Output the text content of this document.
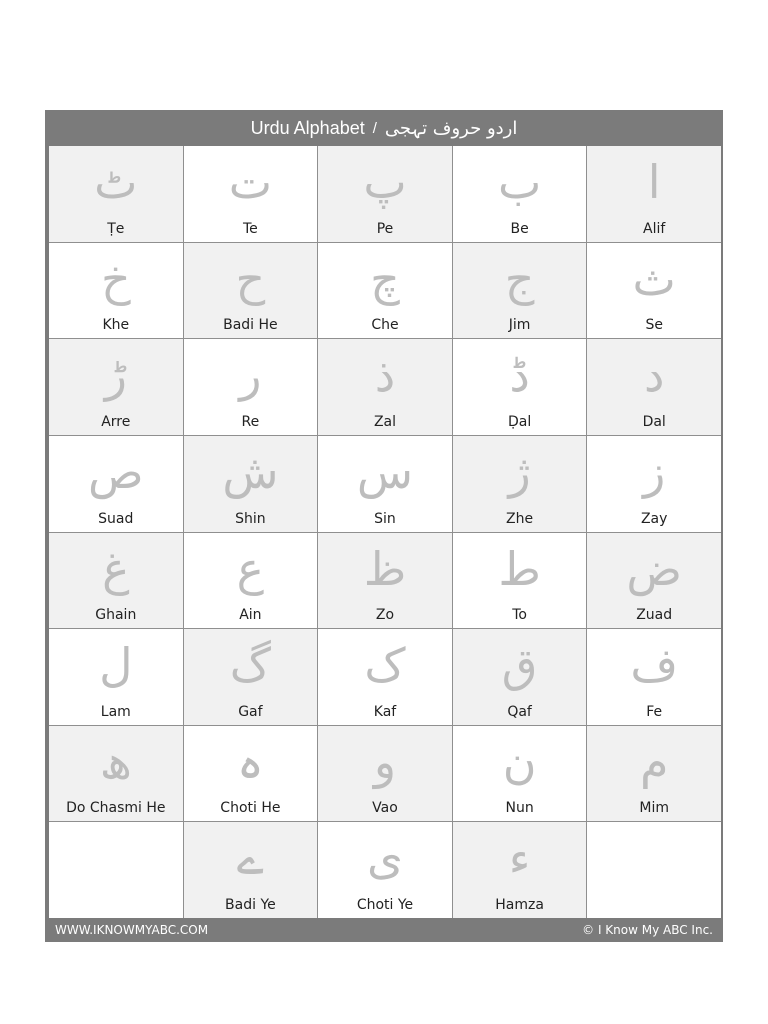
Urdu Alphabet / اردو حروف تہجی
ٹ
Ṭe
ت
Te
پ
Pe
ب
Be
ا
Alif
خ
Khe
ح
Badi He
چ
Che
ج
Jim
ث
Se
ڑ
Arre
ر
Re
ذ
Zal
ڈ
Ḍal
د
Dal
ص
Suad
ش
Shin
س
Sin
ژ
Zhe
ز
Zay
غ
Ghain
ع
Ain
ظ
Zo
ط
To
ض
Zuad
ل
Lam
گ
Gaf
ک
Kaf
ق
Qaf
ف
Fe
ھ
Do Chasmi He
ہ
Choti He
و
Vao
ن
Nun
م
Mim
ے
Badi Ye
ی
Choti Ye
ء
Hamza
WWW.IKNOWMYABC.COM	© I Know My ABC Inc.
